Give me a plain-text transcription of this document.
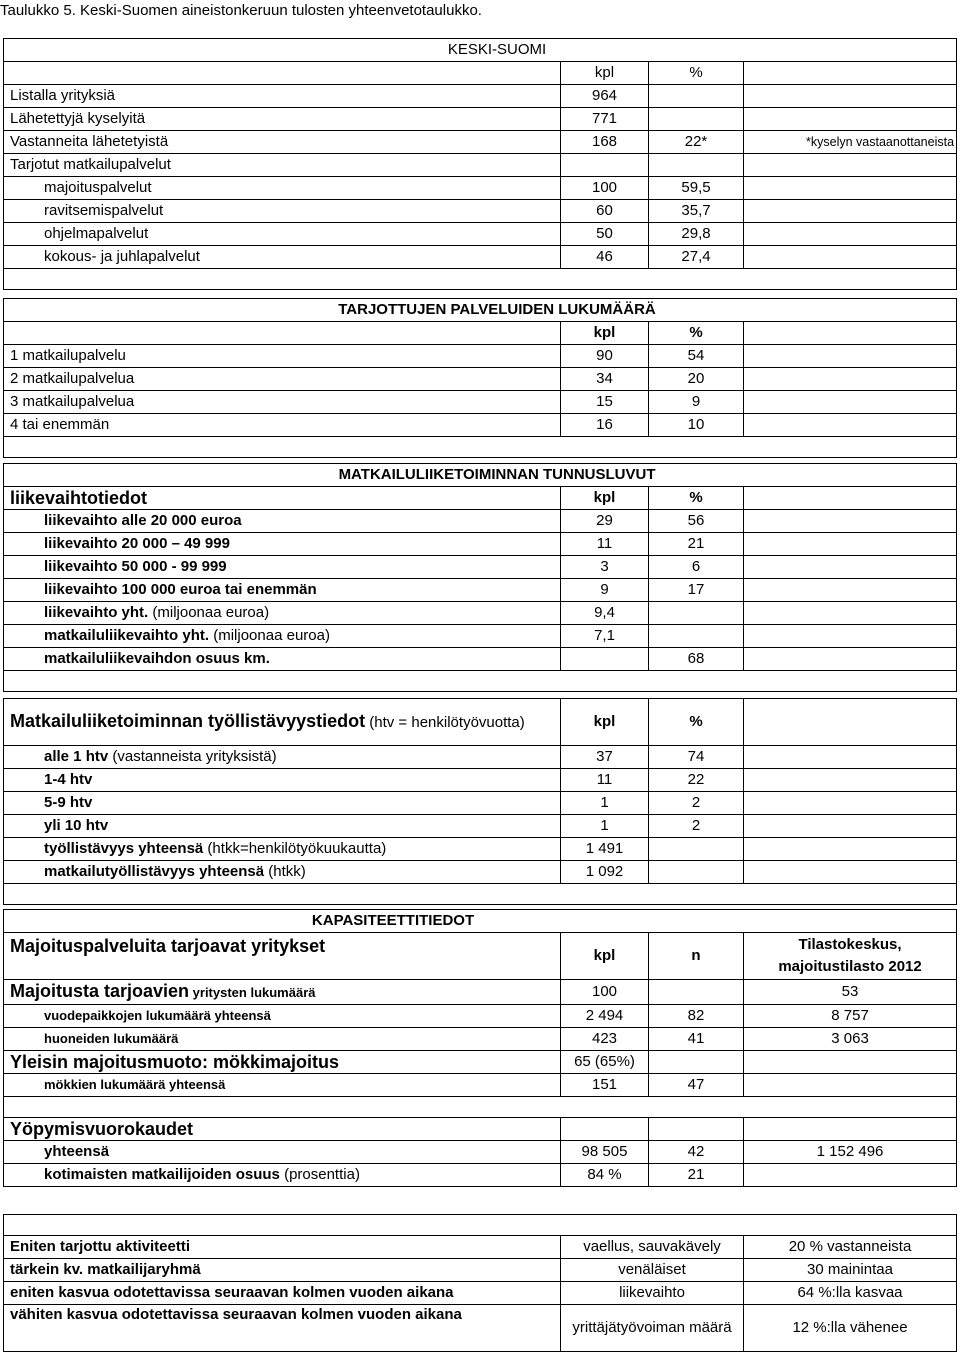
Taulukko 5. Keski-Suomen aineistonkeruun tulosten yhteenvetotaulukko.
KESKI-SUOMI			
	kpl	%	
Listalla yrityksiä	964		
Lähetettyjä kyselyitä	771		
Vastanneita lähetetyistä	168	22*	*kyselyn vastaanottaneista
Tarjotut matkailupalvelut			
majoituspalvelut	100	59,5	
ravitsemispalvelut	60	35,7	
ohjelmapalvelut	50	29,8	
kokous- ja juhlapalvelut	46	27,4	

TARJOTTUJEN PALVELUIDEN LUKUMÄÄRÄ			
	kpl	%	
1 matkailupalvelu	90	54	
2 matkailupalvelua	34	20	
3 matkailupalvelua	15	9	
4 tai enemmän	16	10	

MATKAILULIIKETOIMINNAN TUNNUSLUVUT			
liikevaihtotiedot	kpl	%	
liikevaihto alle 20 000 euroa	29	56	
liikevaihto 20 000 – 49 999	11	21	
liikevaihto 50 000 - 99 999	3	6	
liikevaihto 100 000 euroa tai enemmän	9	17	
liikevaihto yht. (miljoonaa euroa)	9,4		
matkailuliikevaihto yht. (miljoonaa euroa)	7,1		
matkailuliikevaihdon osuus km.		68	

Matkailuliiketoiminnan työllistävyystiedot (htv = henkilötyövuotta)	kpl	%	
alle 1 htv (vastanneista yrityksistä)	37	74	
1-4 htv	11	22	
5-9 htv	1	2	
yli 10 htv	1	2	
työllistävyys yhteensä (htkk=henkilötyökuukautta)	1 491		
matkailutyöllistävyys yhteensä (htkk)	1 092		

KAPASITEETTITIEDOT			
Majoituspalveluita tarjoavat yritykset	kpl	n	Tilastokeskus, majoitustilasto 2012
Majoitusta tarjoavien yritysten lukumäärä	100		53
vuodepaikkojen lukumäärä yhteensä	2 494	82	8 757
huoneiden lukumäärä	423	41	3 063
Yleisin majoitusmuoto: mökkimajoitus	65 (65%)		
mökkien lukumäärä yhteensä	151	47	

Yöpymisvuorokaudet			
yhteensä	98 505	42	1 152 496
kotimaisten matkailijoiden osuus (prosenttia)	84 %	21	

Eniten tarjottu aktiviteetti	vaellus, sauvakävely	20 % vastanneista
tärkein kv. matkailijaryhmä	venäläiset	30 mainintaa
eniten kasvua odotettavissa seuraavan kolmen vuoden aikana	liikevaihto	64 %:lla kasvaa
vähiten kasvua odotettavissa seuraavan kolmen vuoden aikana	yrittäjätyövoiman määrä	12 %:lla vähenee
